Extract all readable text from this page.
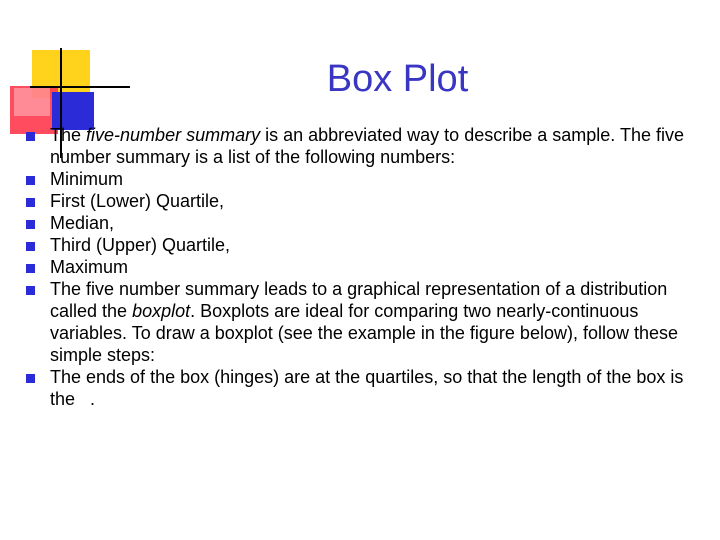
Box Plot
The five-number summary is an abbreviated way to describe a sample. The five number summary is a list of the following numbers:
Minimum
First (Lower) Quartile,
Median,
Third (Upper) Quartile,
Maximum
The five number summary leads to a graphical representation of a distribution called the boxplot. Boxplots are ideal for comparing two nearly-continuous variables. To draw a boxplot (see the example in the figure below), follow these simple steps:
The ends of the box (hinges) are at the quartiles, so that the length of the box is the   .
